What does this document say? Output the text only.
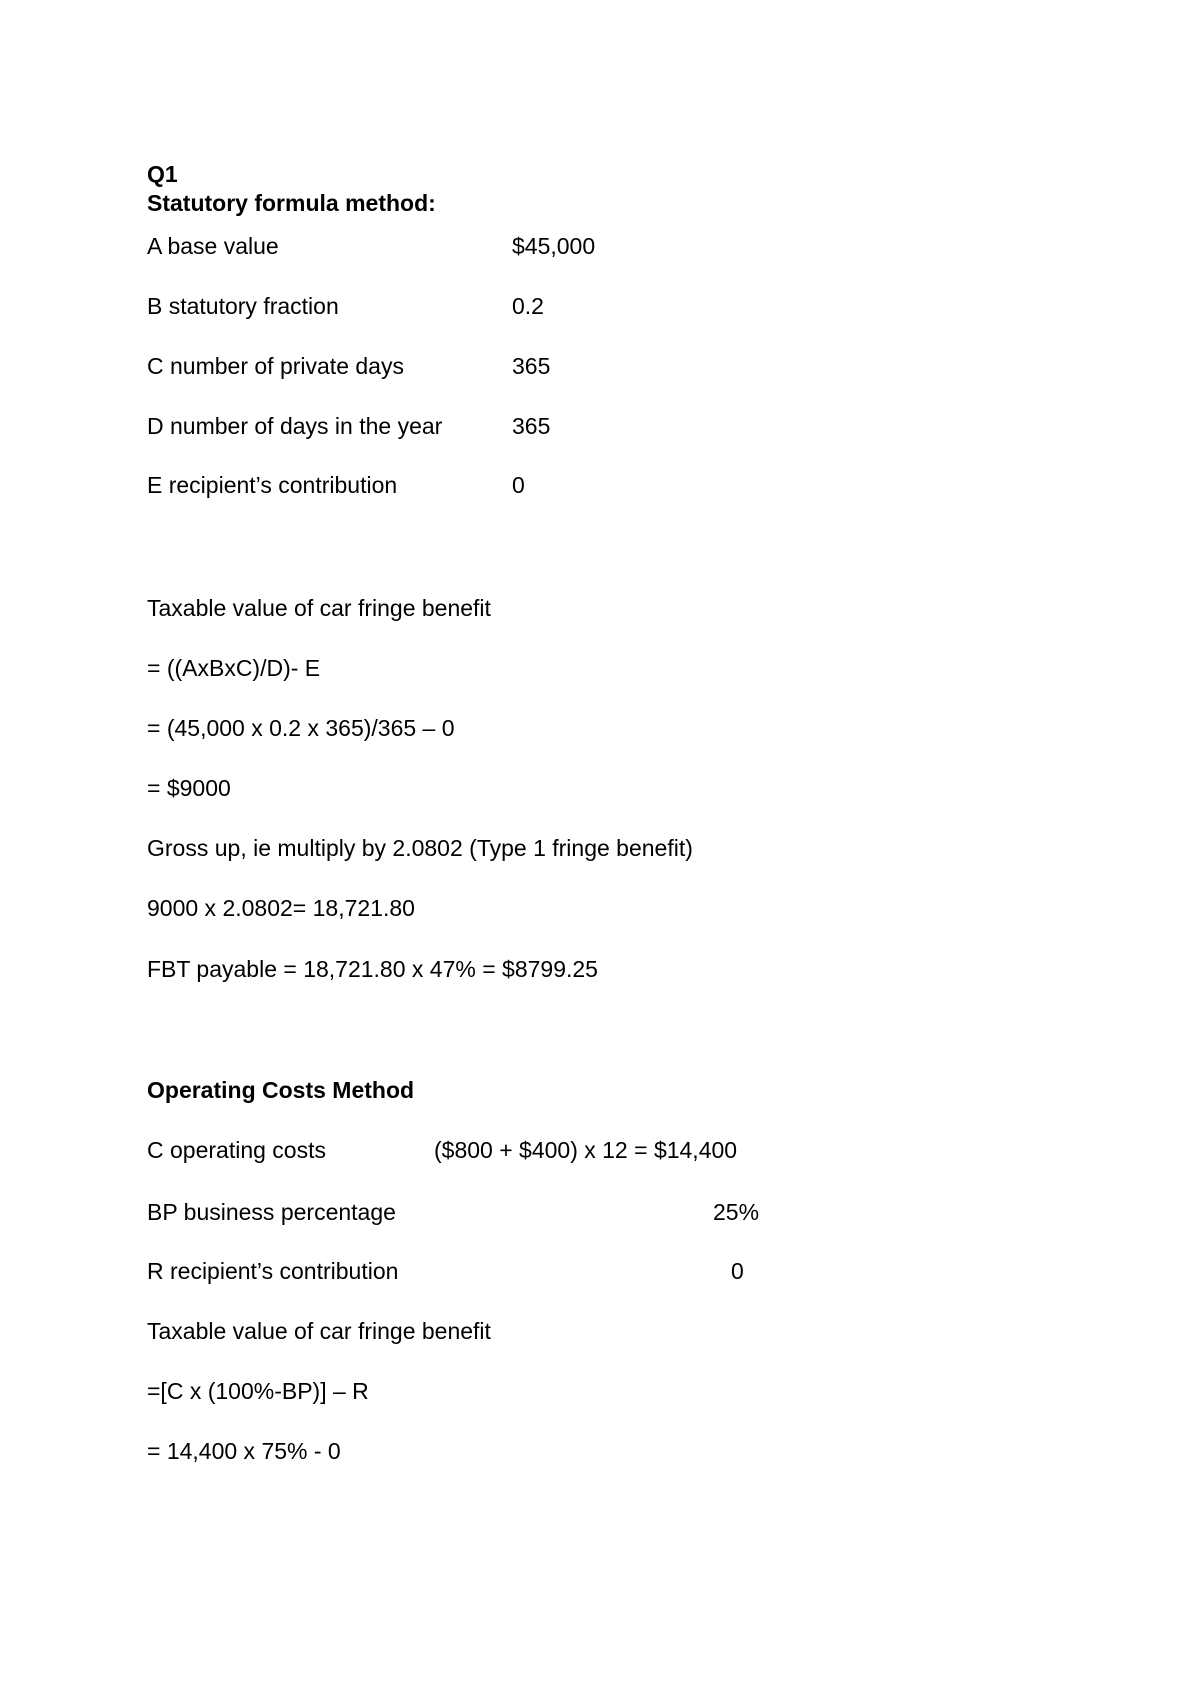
Q1
Statutory formula method:
A base value	$45,000
B statutory fraction	0.2
C number of private days	365
D number of days in the year	365
E recipient’s contribution	0
Taxable value of car fringe benefit
= ((AxBxC)/D)- E
= (45,000 x 0.2 x 365)/365 – 0
= $9000
Gross up, ie multiply by 2.0802 (Type 1 fringe benefit)
9000 x 2.0802= 18,721.80
FBT payable = 18,721.80 x 47% = $8799.25
Operating Costs Method
C operating costs	($800 + $400) x 12 = $14,400
BP business percentage	25%
R recipient’s contribution	0
Taxable value of car fringe benefit
=[C x (100%-BP)] – R
= 14,400 x 75% - 0
